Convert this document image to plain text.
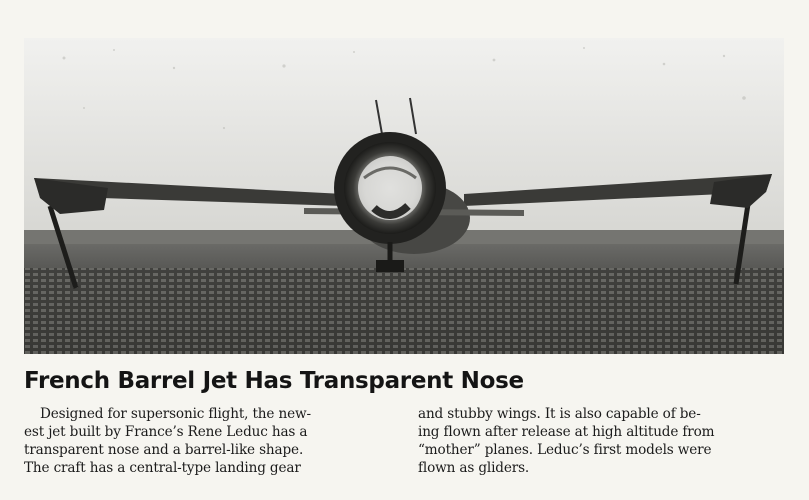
French Barrel Jet Has Transparent Nose

Designed for supersonic flight, the new-
est jet built by France’s Rene Leduc has a
transparent nose and a barrel-like shape.
The craft has a central-type landing gear

and stubby wings. It is also capable of be-
ing flown after release at high altitude from
“mother” planes. Leduc’s first models were
flown as gliders.
